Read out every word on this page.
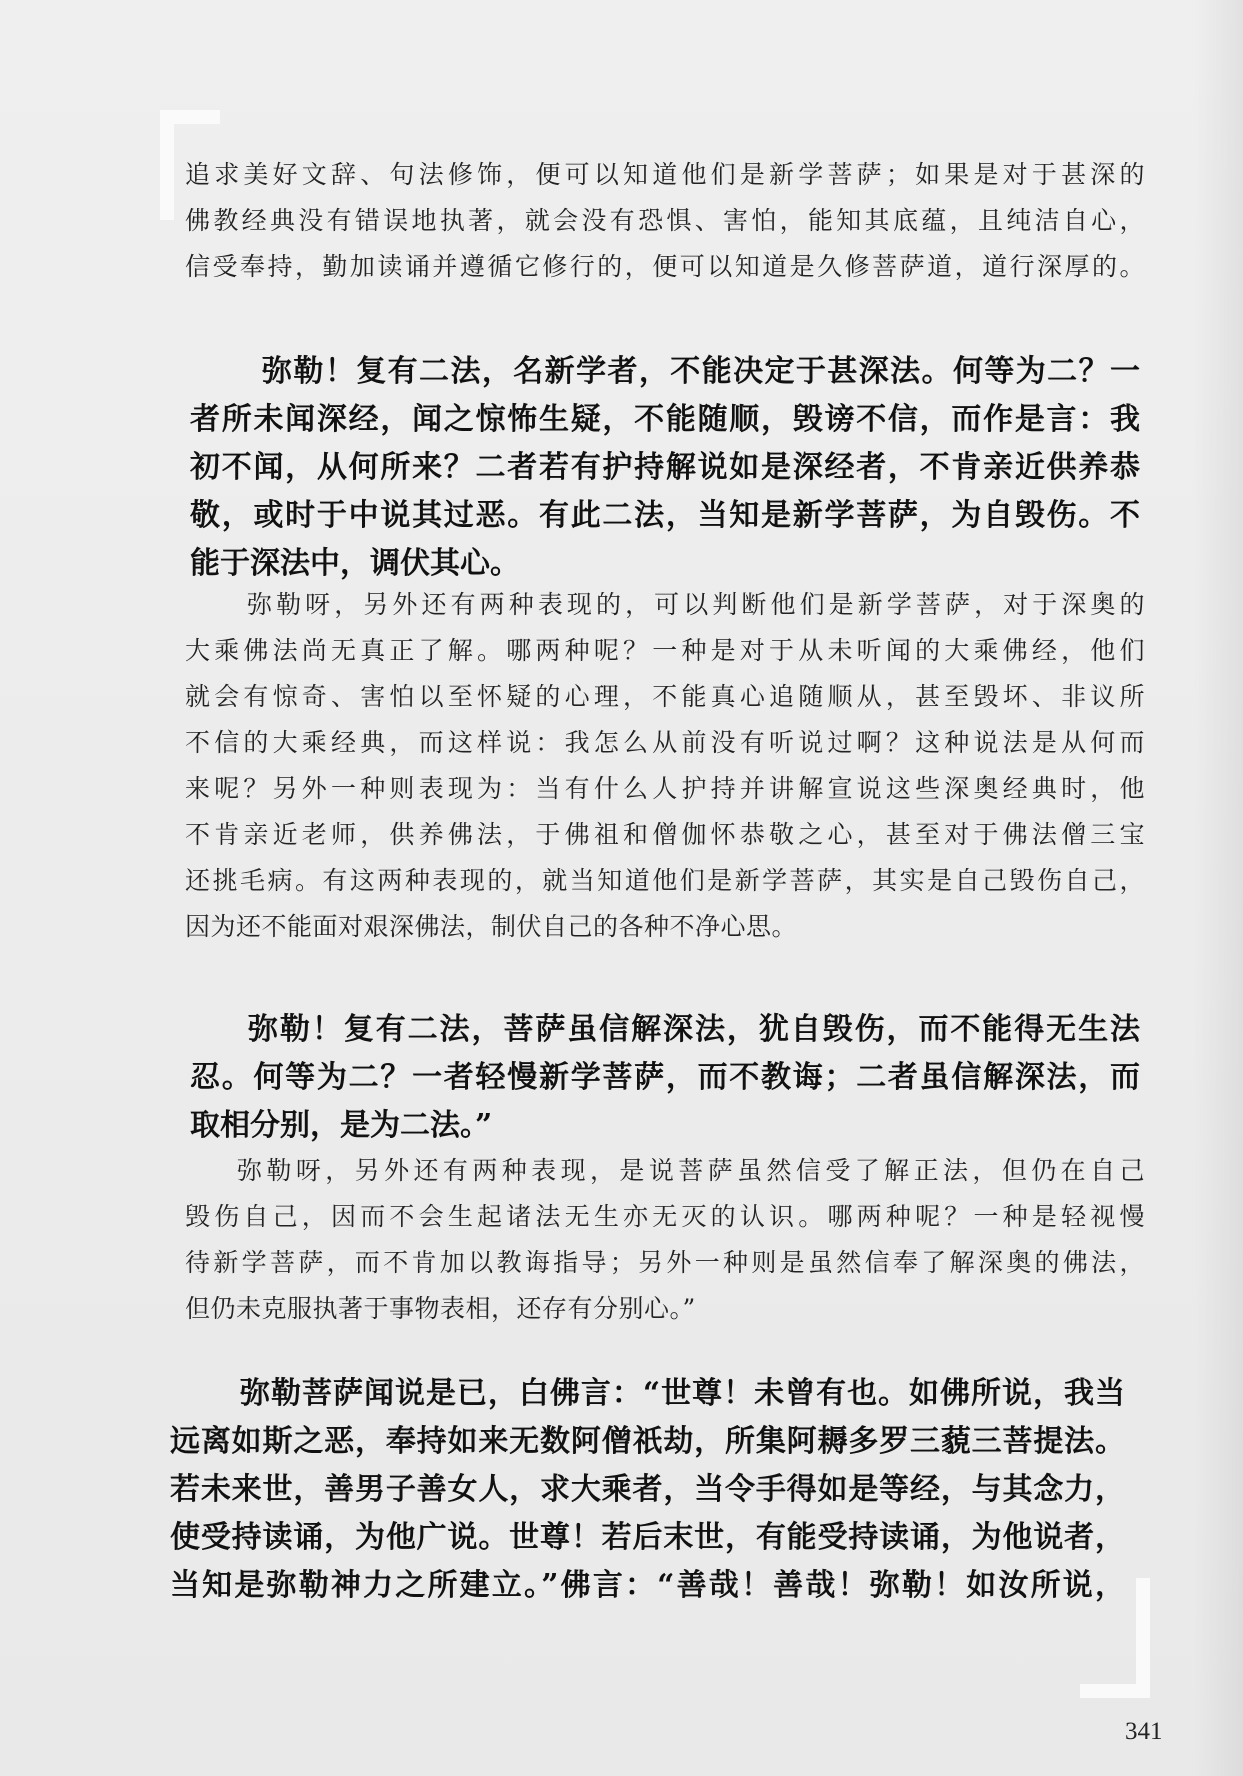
追求美好文辞、句法修饰，便可以知道他们是新学菩萨；如果是对于甚深的
佛教经典没有错误地执著，就会没有恐惧、害怕，能知其底蕴，且纯洁自心，
信受奉持，勤加读诵并遵循它修行的，便可以知道是久修菩萨道，道行深厚的。
弥勒！复有二法，名新学者，不能决定于甚深法。何等为二？一
者所未闻深经，闻之惊怖生疑，不能随顺，毁谤不信，而作是言：我
初不闻，从何所来？二者若有护持解说如是深经者，不肯亲近供养恭
敬，或时于中说其过恶。有此二法，当知是新学菩萨，为自毁伤。不
能于深法中，调伏其心。
弥勒呀，另外还有两种表现的，可以判断他们是新学菩萨，对于深奥的
大乘佛法尚无真正了解。哪两种呢？一种是对于从未听闻的大乘佛经，他们
就会有惊奇、害怕以至怀疑的心理，不能真心追随顺从，甚至毁坏、非议所
不信的大乘经典，而这样说：我怎么从前没有听说过啊？这种说法是从何而
来呢？另外一种则表现为：当有什么人护持并讲解宣说这些深奥经典时，他
不肯亲近老师，供养佛法，于佛祖和僧伽怀恭敬之心，甚至对于佛法僧三宝
还挑毛病。有这两种表现的，就当知道他们是新学菩萨，其实是自己毁伤自己，
因为还不能面对艰深佛法，制伏自己的各种不净心思。
弥勒！复有二法，菩萨虽信解深法，犹自毁伤，而不能得无生法
忍。何等为二？一者轻慢新学菩萨，而不教诲；二者虽信解深法，而
取相分别，是为二法。”
弥勒呀，另外还有两种表现，是说菩萨虽然信受了解正法，但仍在自己
毁伤自己，因而不会生起诸法无生亦无灭的认识。哪两种呢？一种是轻视慢
待新学菩萨，而不肯加以教诲指导；另外一种则是虽然信奉了解深奥的佛法，
但仍未克服执著于事物表相，还存有分别心。”
弥勒菩萨闻说是已，白佛言：“世尊！未曾有也。如佛所说，我当
远离如斯之恶，奉持如来无数阿僧祇劫，所集阿耨多罗三藐三菩提法。
若未来世，善男子善女人，求大乘者，当令手得如是等经，与其念力，
使受持读诵，为他广说。世尊！若后末世，有能受持读诵，为他说者，
当知是弥勒神力之所建立。”佛言：“善哉！善哉！弥勒！如汝所说，
341
